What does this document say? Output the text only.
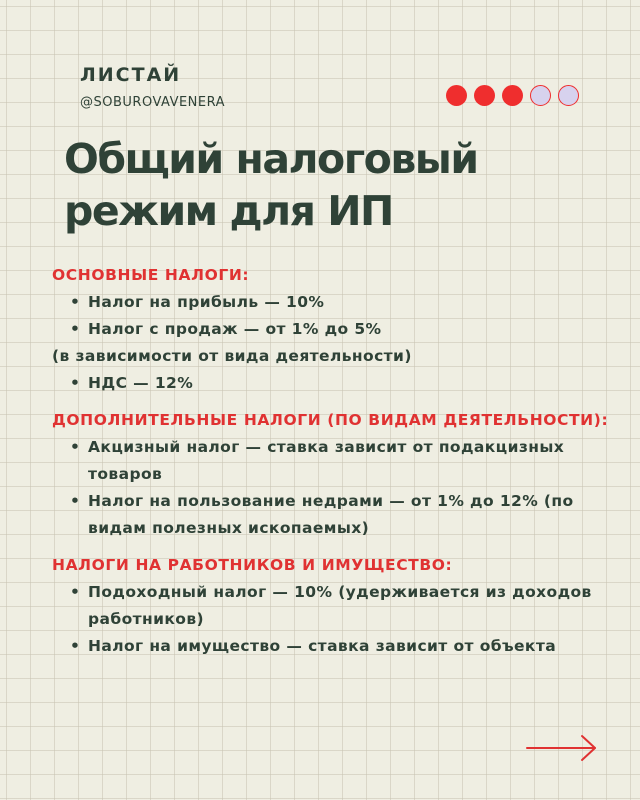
ЛИСТАЙ
@SOBUROVAVENERA
Общий налоговый
режим для ИП
ОСНОВНЫЕ НАЛОГИ:
• Налог на прибыль — 10%
• Налог с продаж — от 1% до 5%
(в зависимости от вида деятельности)
• НДС — 12%
ДОПОЛНИТЕЛЬНЫЕ НАЛОГИ (ПО ВИДАМ ДЕЯТЕЛЬНОСТИ):
• Акцизный налог — ставка зависит от подакцизных товаров
• Налог на пользование недрами — от 1% до 12% (по видам полезных ископаемых)
НАЛОГИ НА РАБОТНИКОВ И ИМУЩЕСТВО:
• Подоходный налог — 10% (удерживается из доходов работников)
• Налог на имущество — ставка зависит от объекта
